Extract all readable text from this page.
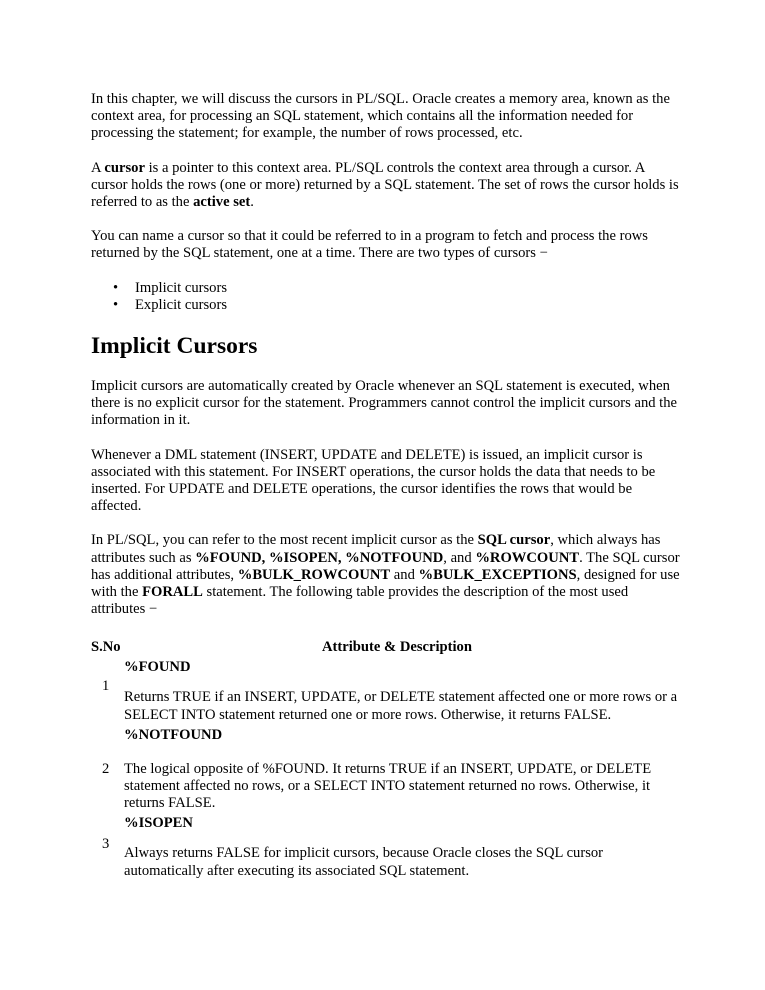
In this chapter, we will discuss the cursors in PL/SQL. Oracle creates a memory area, known as the context area, for processing an SQL statement, which contains all the information needed for processing the statement; for example, the number of rows processed, etc.

A cursor is a pointer to this context area. PL/SQL controls the context area through a cursor. A cursor holds the rows (one or more) returned by a SQL statement. The set of rows the cursor holds is referred to as the active set.

You can name a cursor so that it could be referred to in a program to fetch and process the rows returned by the SQL statement, one at a time. There are two types of cursors −

• Implicit cursors
• Explicit cursors
Implicit Cursors

Implicit cursors are automatically created by Oracle whenever an SQL statement is executed, when there is no explicit cursor for the statement. Programmers cannot control the implicit cursors and the information in it.

Whenever a DML statement (INSERT, UPDATE and DELETE) is issued, an implicit cursor is associated with this statement. For INSERT operations, the cursor holds the data that needs to be inserted. For UPDATE and DELETE operations, the cursor identifies the rows that would be affected.

In PL/SQL, you can refer to the most recent implicit cursor as the SQL cursor, which always has attributes such as %FOUND, %ISOPEN, %NOTFOUND, and %ROWCOUNT. The SQL cursor has additional attributes, %BULK_ROWCOUNT and %BULK_EXCEPTIONS, designed for use with the FORALL statement. The following table provides the description of the most used attributes −

S.No	Attribute & Description
1
%FOUND
Returns TRUE if an INSERT, UPDATE, or DELETE statement affected one or more rows or a SELECT INTO statement returned one or more rows. Otherwise, it returns FALSE.
2
%NOTFOUND
The logical opposite of %FOUND. It returns TRUE if an INSERT, UPDATE, or DELETE statement affected no rows, or a SELECT INTO statement returned no rows. Otherwise, it returns FALSE.
3
%ISOPEN
Always returns FALSE for implicit cursors, because Oracle closes the SQL cursor automatically after executing its associated SQL statement.
